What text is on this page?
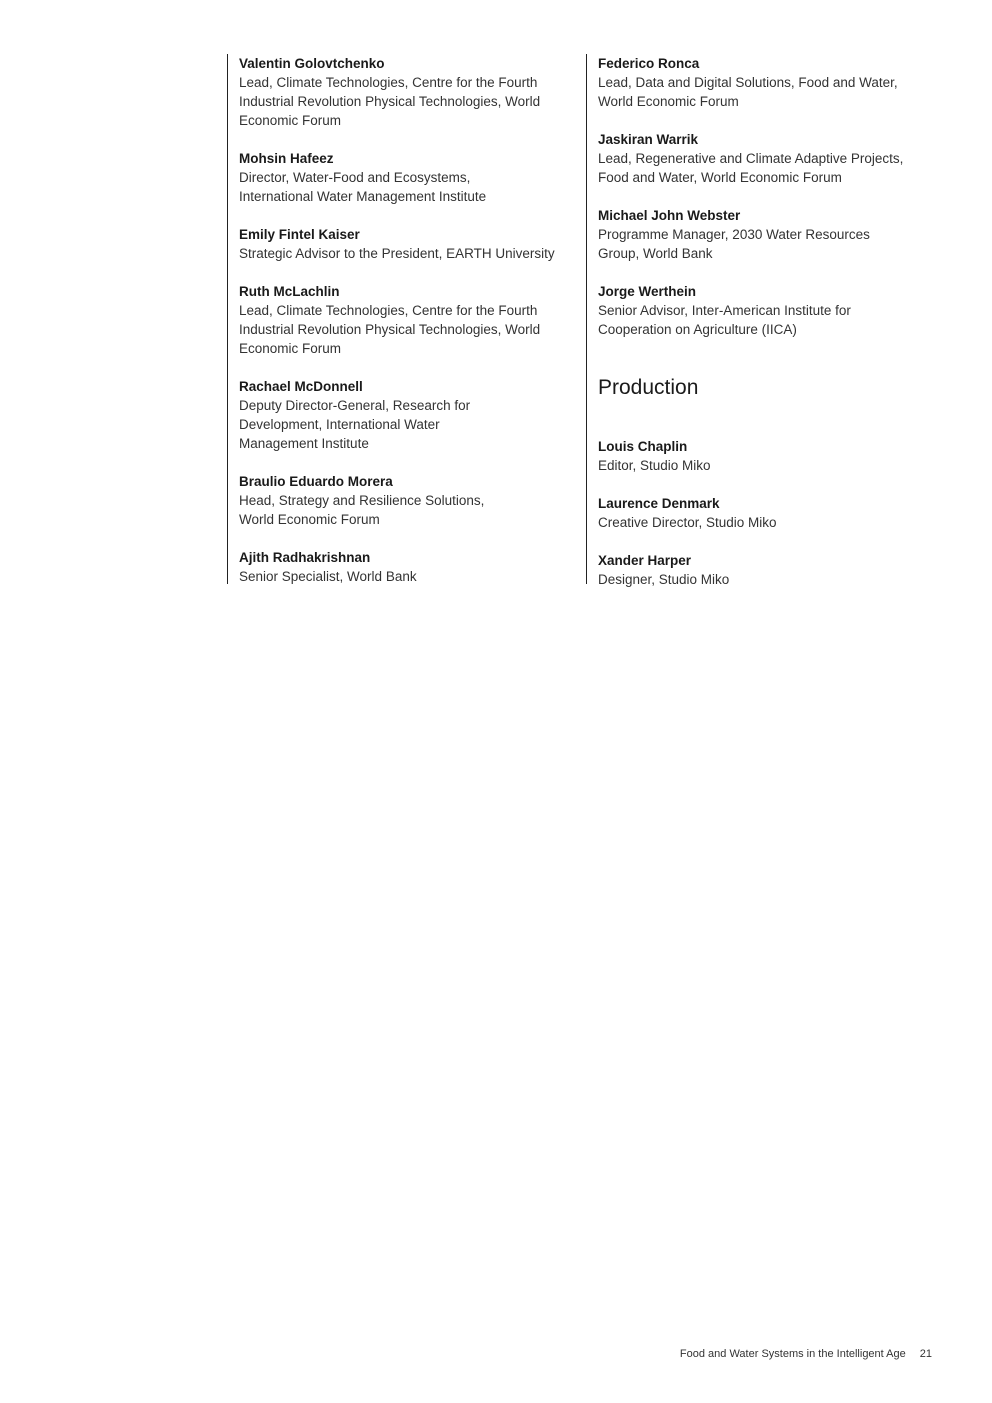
Valentin Golovtchenko
Lead, Climate Technologies, Centre for the Fourth
Industrial Revolution Physical Technologies, World
Economic Forum
Mohsin Hafeez
Director, Water-Food and Ecosystems,
International Water Management Institute
Emily Fintel Kaiser
Strategic Advisor to the President, EARTH University
Ruth McLachlin
Lead, Climate Technologies, Centre for the Fourth
Industrial Revolution Physical Technologies, World
Economic Forum
Rachael McDonnell
Deputy Director-General, Research for
Development, International Water
Management Institute
Braulio Eduardo Morera
Head, Strategy and Resilience Solutions,
World Economic Forum
Ajith Radhakrishnan
Senior Specialist, World Bank
Federico Ronca
Lead, Data and Digital Solutions, Food and Water,
World Economic Forum
Jaskiran Warrik
Lead, Regenerative and Climate Adaptive Projects,
Food and Water, World Economic Forum
Michael John Webster
Programme Manager, 2030 Water Resources
Group, World Bank
Jorge Werthein
Senior Advisor, Inter-American Institute for
Cooperation on Agriculture (IICA)
Production
Louis Chaplin
Editor, Studio Miko
Laurence Denmark
Creative Director, Studio Miko
Xander Harper
Designer, Studio Miko
Food and Water Systems in the Intelligent Age 21
